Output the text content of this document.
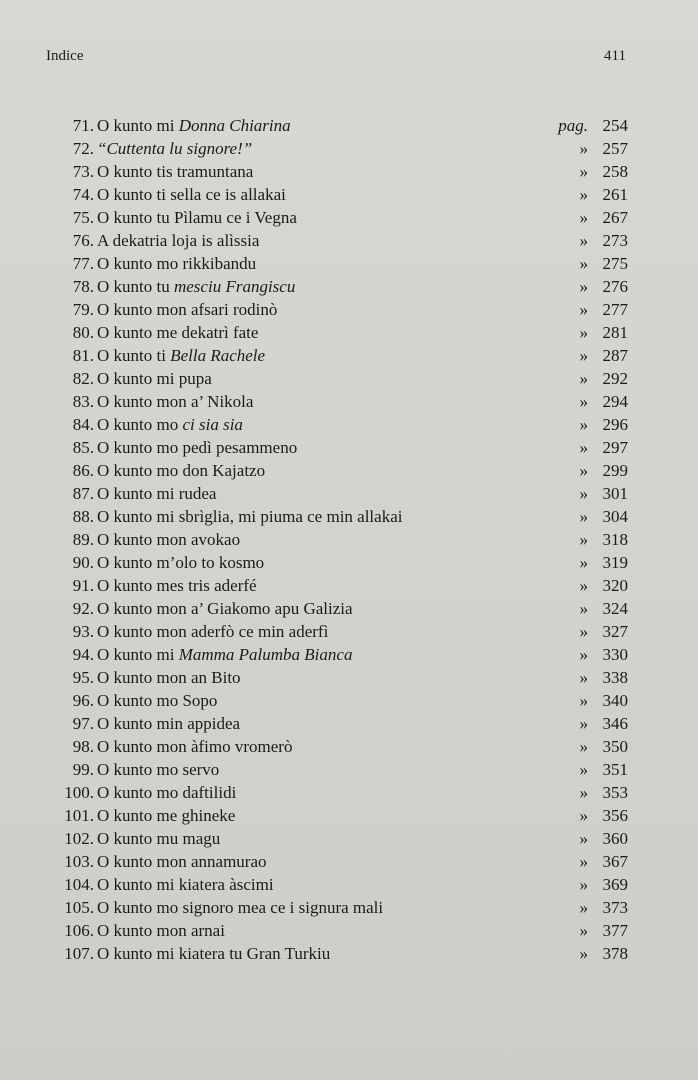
Indice	411
71. O kunto mi Donna Chiarina	pag. 254
72. “Cuttenta lu signore!”	» 257
73. O kunto tis tramuntana	» 258
74. O kunto ti sella ce is allakai	» 261
75. O kunto tu Pìlamu ce i Vegna	» 267
76. A dekatria loja is alìssia	» 273
77. O kunto mo rikkibandu	» 275
78. O kunto tu mesciu Frangiscu	» 276
79. O kunto mon afsari rodinò	» 277
80. O kunto me dekatrì fate	» 281
81. O kunto ti Bella Rachele	» 287
82. O kunto mi pupa	» 292
83. O kunto mon a’ Nikola	» 294
84. O kunto mo ci sia sia	» 296
85. O kunto mo pedì pesammeno	» 297
86. O kunto mo don Kajatzo	» 299
87. O kunto mi rudea	» 301
88. O kunto mi sbrìglia, mi piuma ce min allakai	» 304
89. O kunto mon avokao	» 318
90. O kunto m’olo to kosmo	» 319
91. O kunto mes tris aderfé	» 320
92. O kunto mon a’ Giakomo apu Galizia	» 324
93. O kunto mon aderfò ce min aderfì	» 327
94. O kunto mi Mamma Palumba Bianca	» 330
95. O kunto mon an Bito	» 338
96. O kunto mo Sopo	» 340
97. O kunto min appidea	» 346
98. O kunto mon àfimo vromerò	» 350
99. O kunto mo servo	» 351
100. O kunto mo daftilidi	» 353
101. O kunto me ghineke	» 356
102. O kunto mu magu	» 360
103. O kunto mon annamurao	» 367
104. O kunto mi kiatera àscimi	» 369
105. O kunto mo signoro mea ce i signura mali	» 373
106. O kunto mon arnai	» 377
107. O kunto mi kiatera tu Gran Turkiu	» 378
